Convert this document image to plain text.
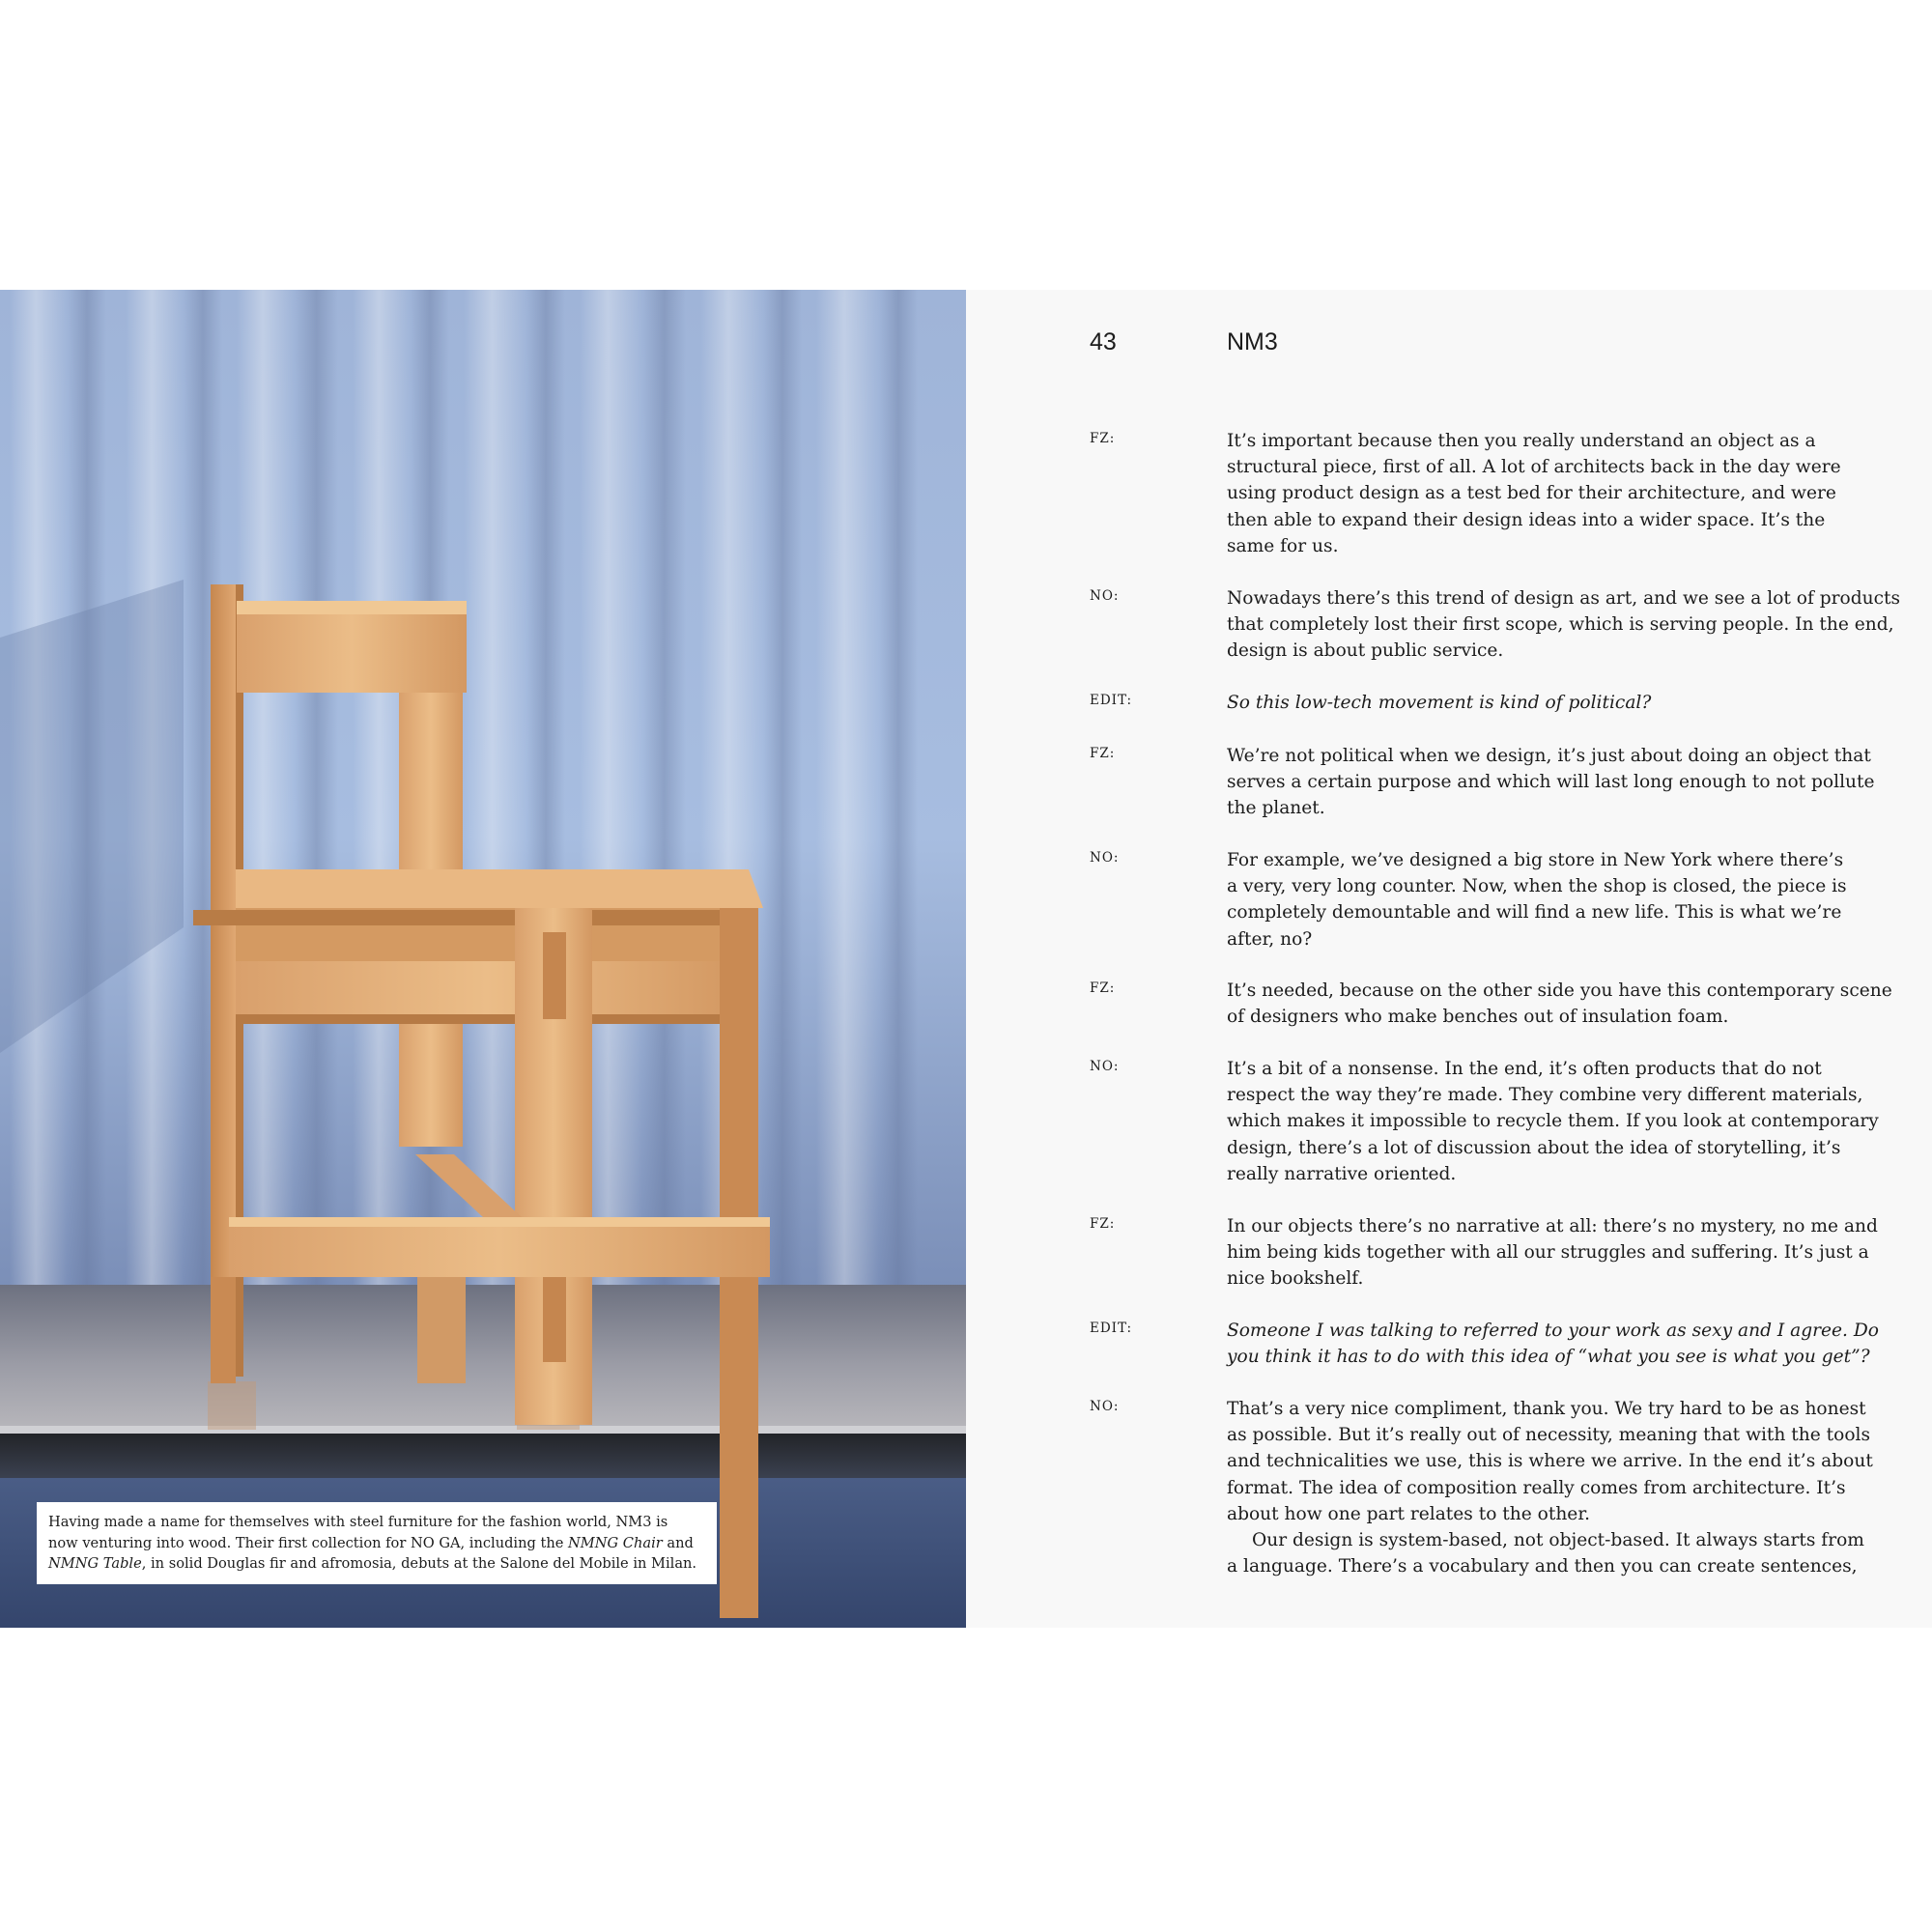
Having made a name for themselves with steel furniture for the fashion world, NM3 is
now venturing into wood. Their first collection for NO GA, including the NMNG Chair and
NMNG Table, in solid Douglas fir and afromosia, debuts at the Salone del Mobile in Milan.
43	NM3
FZ:	It’s important because then you really understand an object as a
structural piece, first of all. A lot of architects back in the day were
using product design as a test bed for their architecture, and were
then able to expand their design ideas into a wider space. It’s the
same for us.
NO:	Nowadays there’s this trend of design as art, and we see a lot of products
that completely lost their first scope, which is serving people. In the end,
design is about public service.
EDIT:	So this low-tech movement is kind of political?
FZ:	We’re not political when we design, it’s just about doing an object that
serves a certain purpose and which will last long enough to not pollute
the planet.
NO:	For example, we’ve designed a big store in New York where there’s
a very, very long counter. Now, when the shop is closed, the piece is
completely demountable and will find a new life. This is what we’re
after, no?
FZ:	It’s needed, because on the other side you have this contemporary scene
of designers who make benches out of insulation foam.
NO:	It’s a bit of a nonsense. In the end, it’s often products that do not
respect the way they’re made. They combine very different materials,
which makes it impossible to recycle them. If you look at contemporary
design, there’s a lot of discussion about the idea of storytelling, it’s
really narrative oriented.
FZ:	In our objects there’s no narrative at all: there’s no mystery, no me and
him being kids together with all our struggles and suffering. It’s just a
nice bookshelf.
EDIT:	Someone I was talking to referred to your work as sexy and I agree. Do
you think it has to do with this idea of “what you see is what you get”?
NO:	That’s a very nice compliment, thank you. We try hard to be as honest
as possible. But it’s really out of necessity, meaning that with the tools
and technicalities we use, this is where we arrive. In the end it’s about
format. The idea of composition really comes from architecture. It’s
about how one part relates to the other.
Our design is system-based, not object-based. It always starts from
a language. There’s a vocabulary and then you can create sentences,
